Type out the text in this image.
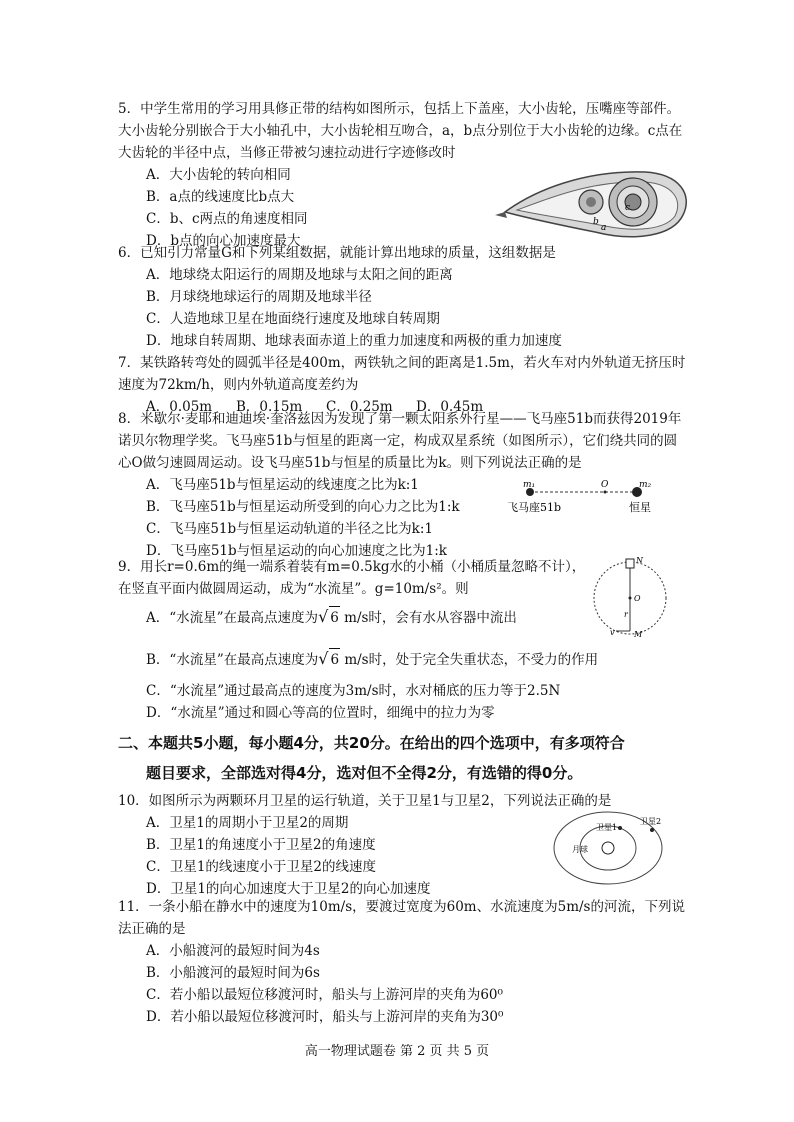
5．中学生常用的学习用具修正带的结构如图所示，包括上下盖座，大小齿轮，压嘴座等部件。大小齿轮分别嵌合于大小轴孔中，大小齿轮相互吻合，a，b点分别位于大小齿轮的边缘。c点在大齿轮的半径中点，当修正带被匀速拉动进行字迹修改时
A．大小齿轮的转向相同
B．a点的线速度比b点大
C．b、c两点的角速度相同
D．b点的向心加速度最大
b
a
c
6．已知引力常量G和下列某组数据，就能计算出地球的质量，这组数据是
A．地球绕太阳运行的周期及地球与太阳之间的距离
B．月球绕地球运行的周期及地球半径
C．人造地球卫星在地面绕行速度及地球自转周期
D．地球自转周期、地球表面赤道上的重力加速度和两极的重力加速度
7．某铁路转弯处的圆弧半径是400m，两铁轨之间的距离是1.5m，若火车对内外轨道无挤压时速度为72km/h，则内外轨道高度差约为
A．0.05m	B．0.15m	C．0.25m	D．0.45m
8．米歇尔·麦耶和迪迪埃·奎洛兹因为发现了第一颗太阳系外行星——飞马座51b而获得2019年诺贝尔物理学奖。飞马座51b与恒星的距离一定，构成双星系统（如图所示），它们绕共同的圆心O做匀速圆周运动。设飞马座51b与恒星的质量比为k。则下列说法正确的是
A．飞马座51b与恒星运动的线速度之比为k:1
B．飞马座51b与恒星运动所受到的向心力之比为1:k
C．飞马座51b与恒星运动轨道的半径之比为k:1
D．飞马座51b与恒星运动的向心加速度之比为1:k
m₁	O	m₂
飞马座51b	恒星
9．用长r=0.6m的绳一端系着装有m=0.5kg水的小桶（小桶质量忽略不计），在竖直平面内做圆周运动，成为“水流星”。g=10m/s²。则
A．“水流星”在最高点速度为√ 6 m/s时，会有水从容器中流出
B．“水流星”在最高点速度为√ 6 m/s时，处于完全失重状态，不受力的作用
C．“水流星”通过最高点的速度为3m/s时，水对桶底的压力等于2.5N
D．“水流星”通过和圆心等高的位置时，细绳中的拉力为零
N
O
r
v M
二、本题共5小题，每小题4分，共20分。在给出的四个选项中，有多项符合
题目要求，全部选对得4分，选对但不全得2分，有选错的得0分。
10．如图所示为两颗环月卫星的运行轨道，关于卫星1与卫星2，下列说法正确的是
A．卫星1的周期小于卫星2的周期
B．卫星1的角速度小于卫星2的角速度
C．卫星1的线速度小于卫星2的线速度
D．卫星1的向心加速度大于卫星2的向心加速度
月球
卫星1
卫星2
11．一条小船在静水中的速度为10m/s，要渡过宽度为60m、水流速度为5m/s的河流，下列说法正确的是
A．小船渡河的最短时间为4s
B．小船渡河的最短时间为6s
C．若小船以最短位移渡河时，船头与上游河岸的夹角为60⁰
D．若小船以最短位移渡河时，船头与上游河岸的夹角为30⁰
高一物理试题卷 第 2 页 共 5 页
